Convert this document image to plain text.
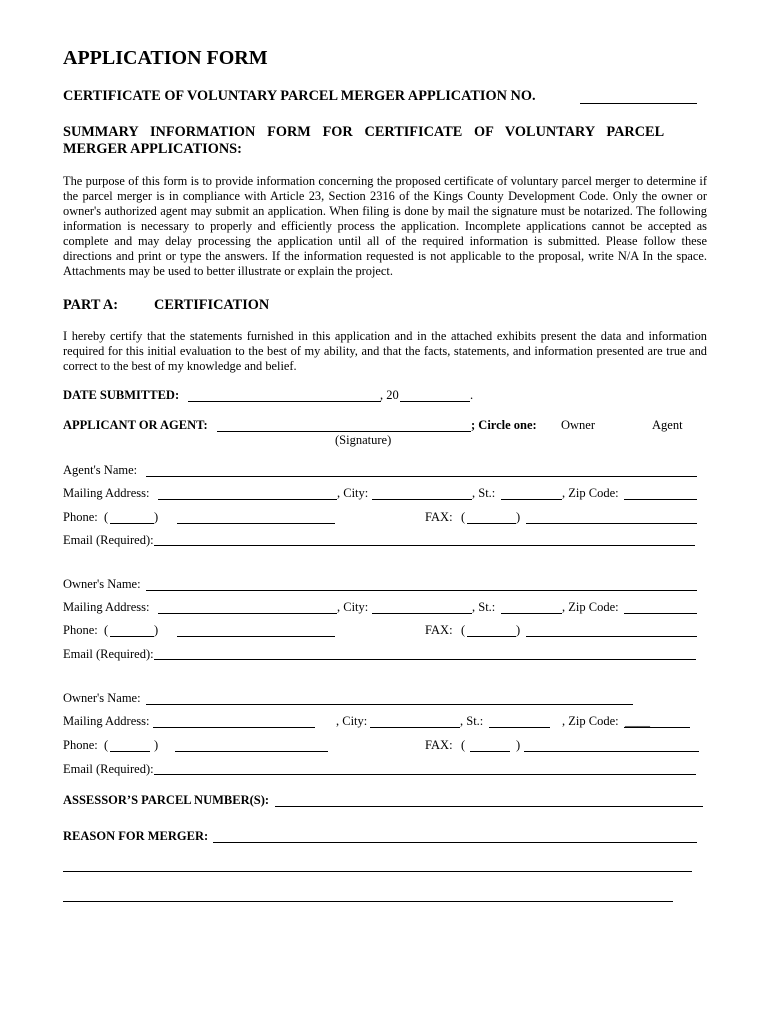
APPLICATION FORM
CERTIFICATE OF VOLUNTARY PARCEL MERGER APPLICATION NO.
SUMMARY INFORMATION FORM FOR CERTIFICATE OF VOLUNTARY PARCEL
MERGER APPLICATIONS:
The purpose of this form is to provide information concerning the proposed certificate of voluntary parcel merger to determine if the parcel merger is in compliance with Article 23, Section 2316 of the Kings County Development Code. Only the owner or owner's authorized agent may submit an application. When filing is done by mail the signature must be notarized. The following information is necessary to properly and efficiently process the application. Incomplete applications cannot be accepted as complete and may delay processing the application until all of the required information is submitted. Please follow these directions and print or type the answers. If the information requested is not applicable to the proposal, write N/A In the space. Attachments may be used to better illustrate or explain the project.
PART A:	CERTIFICATION
I hereby certify that the statements furnished in this application and in the attached exhibits present the data and information required for this initial evaluation to the best of my ability, and that the facts, statements, and information presented are true and correct to the best of my knowledge and belief.
DATE SUBMITTED:	, 20	.
APPLICANT OR AGENT:	; Circle one: Owner	Agent
(Signature)
Agent's Name:
Mailing Address:	, City:	, St.:	, Zip Code:
Phone: (	)	FAX: (	)
Email (Required):
Owner's Name:
Mailing Address:	, City:	, St.:	, Zip Code:
Phone: (	)	FAX: (	)
Email (Required):
Owner's Name:
Mailing Address:	, City:	, St.:	, Zip Code: ____
Phone: (	)	FAX: (	)
Email (Required):
ASSESSOR’S PARCEL NUMBER(S):
REASON FOR MERGER:
